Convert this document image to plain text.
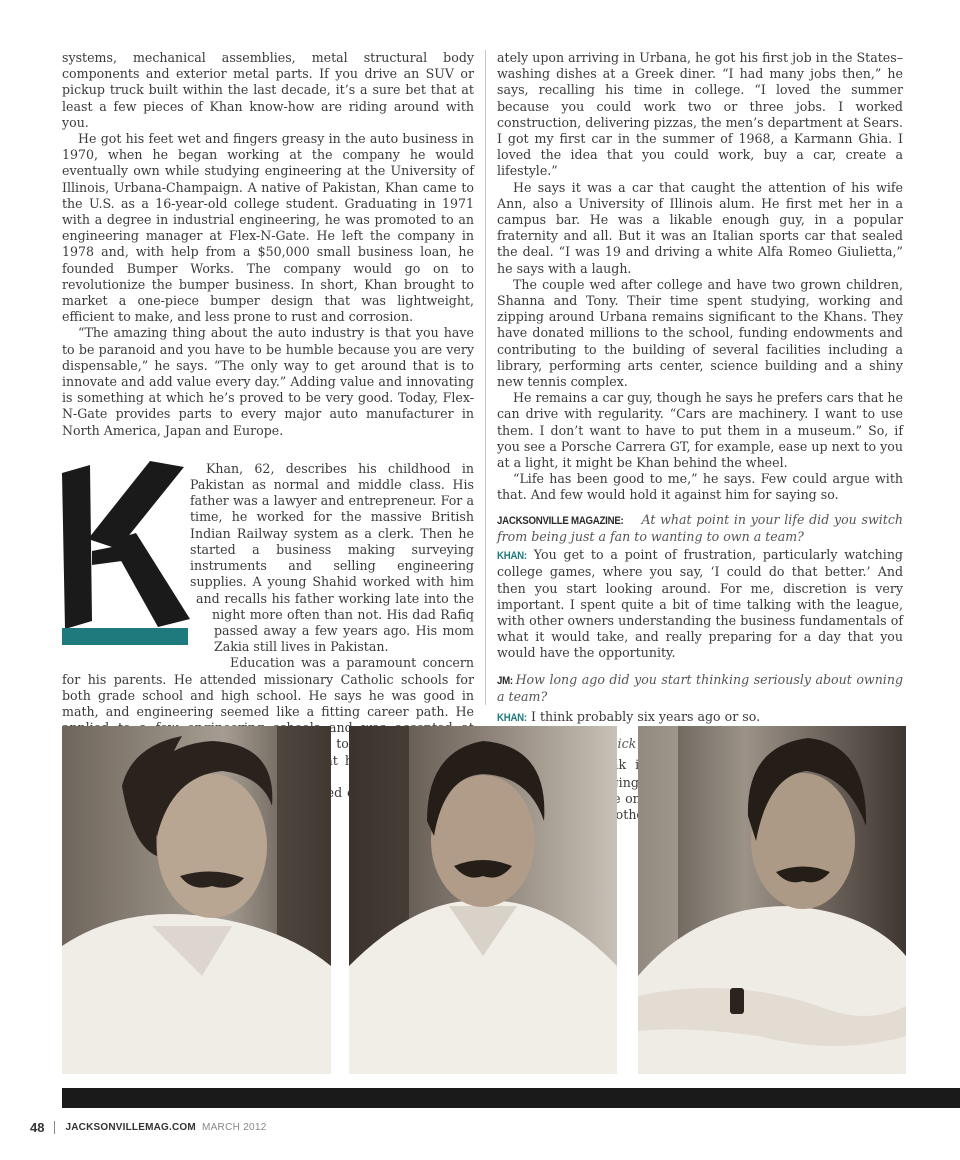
systems, mechanical assemblies, metal structural body components and exterior metal parts. If you drive an SUV or pickup truck built within the last decade, it’s a sure bet that at least a few pieces of Khan know-how are riding around with you.

He got his feet wet and fingers greasy in the auto business in 1970, when he began working at the company he would eventually own while studying engineering at the University of Illinois, Urbana-Champaign. A native of Pakistan, Khan came to the U.S. as a 16-year-old college student. Graduating in 1971 with a degree in industrial engineering, he was promoted to an engineering manager at Flex-N-Gate. He left the company in 1978 and, with help from a $50,000 small business loan, he founded Bumper Works. The company would go on to revolutionize the bumper business. In short, Khan brought to market a one-piece bumper design that was lightweight, efficient to make, and less prone to rust and corrosion.

“The amazing thing about the auto industry is that you have to be paranoid and you have to be humble because you are very dispensable,” he says. “The only way to get around that is to innovate and add value every day.” Adding value and innovating is something at which he’s proved to be very good. Today, Flex-N-Gate provides parts to every major auto manufacturer in North America, Japan and Europe.

Khan, 62, describes his childhood in Pakistan as normal and middle class. His father was a lawyer and entrepreneur. For a time, he worked for the massive British Indian Railway system as a clerk. Then he started a business making surveying instruments and selling engineering supplies. A young Shahid worked with him and recalls his father working late into the night more often than not. His dad Rafiq passed away a few years ago. His mom Zakia still lives in Pakistan.

Education was a paramount concern for his parents. He attended missionary Catholic schools for both grade school and high school. He says he was good in math, and engineering seemed like a fitting career path. He and to

ately upon arriving in Urbana, he got his first job in the States–washing dishes at a Greek diner. “I had many jobs then,” he says, recalling his time in college. “I loved the summer because you could work two or three jobs. I worked construction, delivering pizzas, the men’s department at Sears. I got my first car in the summer of 1968, a Karmann Ghia. I loved the idea that you could work, buy a car, create a lifestyle.”

He says it was a car that caught the attention of his wife Ann, also a University of Illinois alum. He first met her in a campus bar. He was a likable enough guy, in a popular fraternity and all. But it was an Italian sports car that sealed the deal. “I was 19 and driving a white Alfa Romeo Giulietta,” he says with a laugh.

The couple wed after college and have two grown children, Shanna and Tony. Their time spent studying, working and zipping around Urbana remains significant to the Khans. They have donated millions to the school, funding endowments and contributing to the building of several facilities including a library, performing arts center, science building and a shiny new tennis complex.

He remains a car guy, though he says he prefers cars that he can drive with regularity. “Cars are machinery. I want to use them. I don’t want to have to put them in a museum.” So, if you see a Porsche Carrera GT, for example, ease up next to you at a light, it might be Khan behind the wheel.

“Life has been good to me,” he says. Few could argue with that. And few would hold it against him for saying so.

JACKSONVILLE MAGAZINE: At what point in your life did you switch from being just a fan to wanting to own a team?

KHAN: You get to a point of frustration, particularly watching college games, where you say, ‘I could do that better.’ And then you start looking around. For me, discretion is very important. I spent quite a bit of time talking with the league, with other owners understanding the business fundamentals of what it would take, and really preparing for a day that you would have the opportunity.

JM: How long ago did you start thinking seriously about owning a team?

KHAN: I think probably six years ago or so.

quick

other

48 JACKSONVILLEMAG.COM MARCH 2012
